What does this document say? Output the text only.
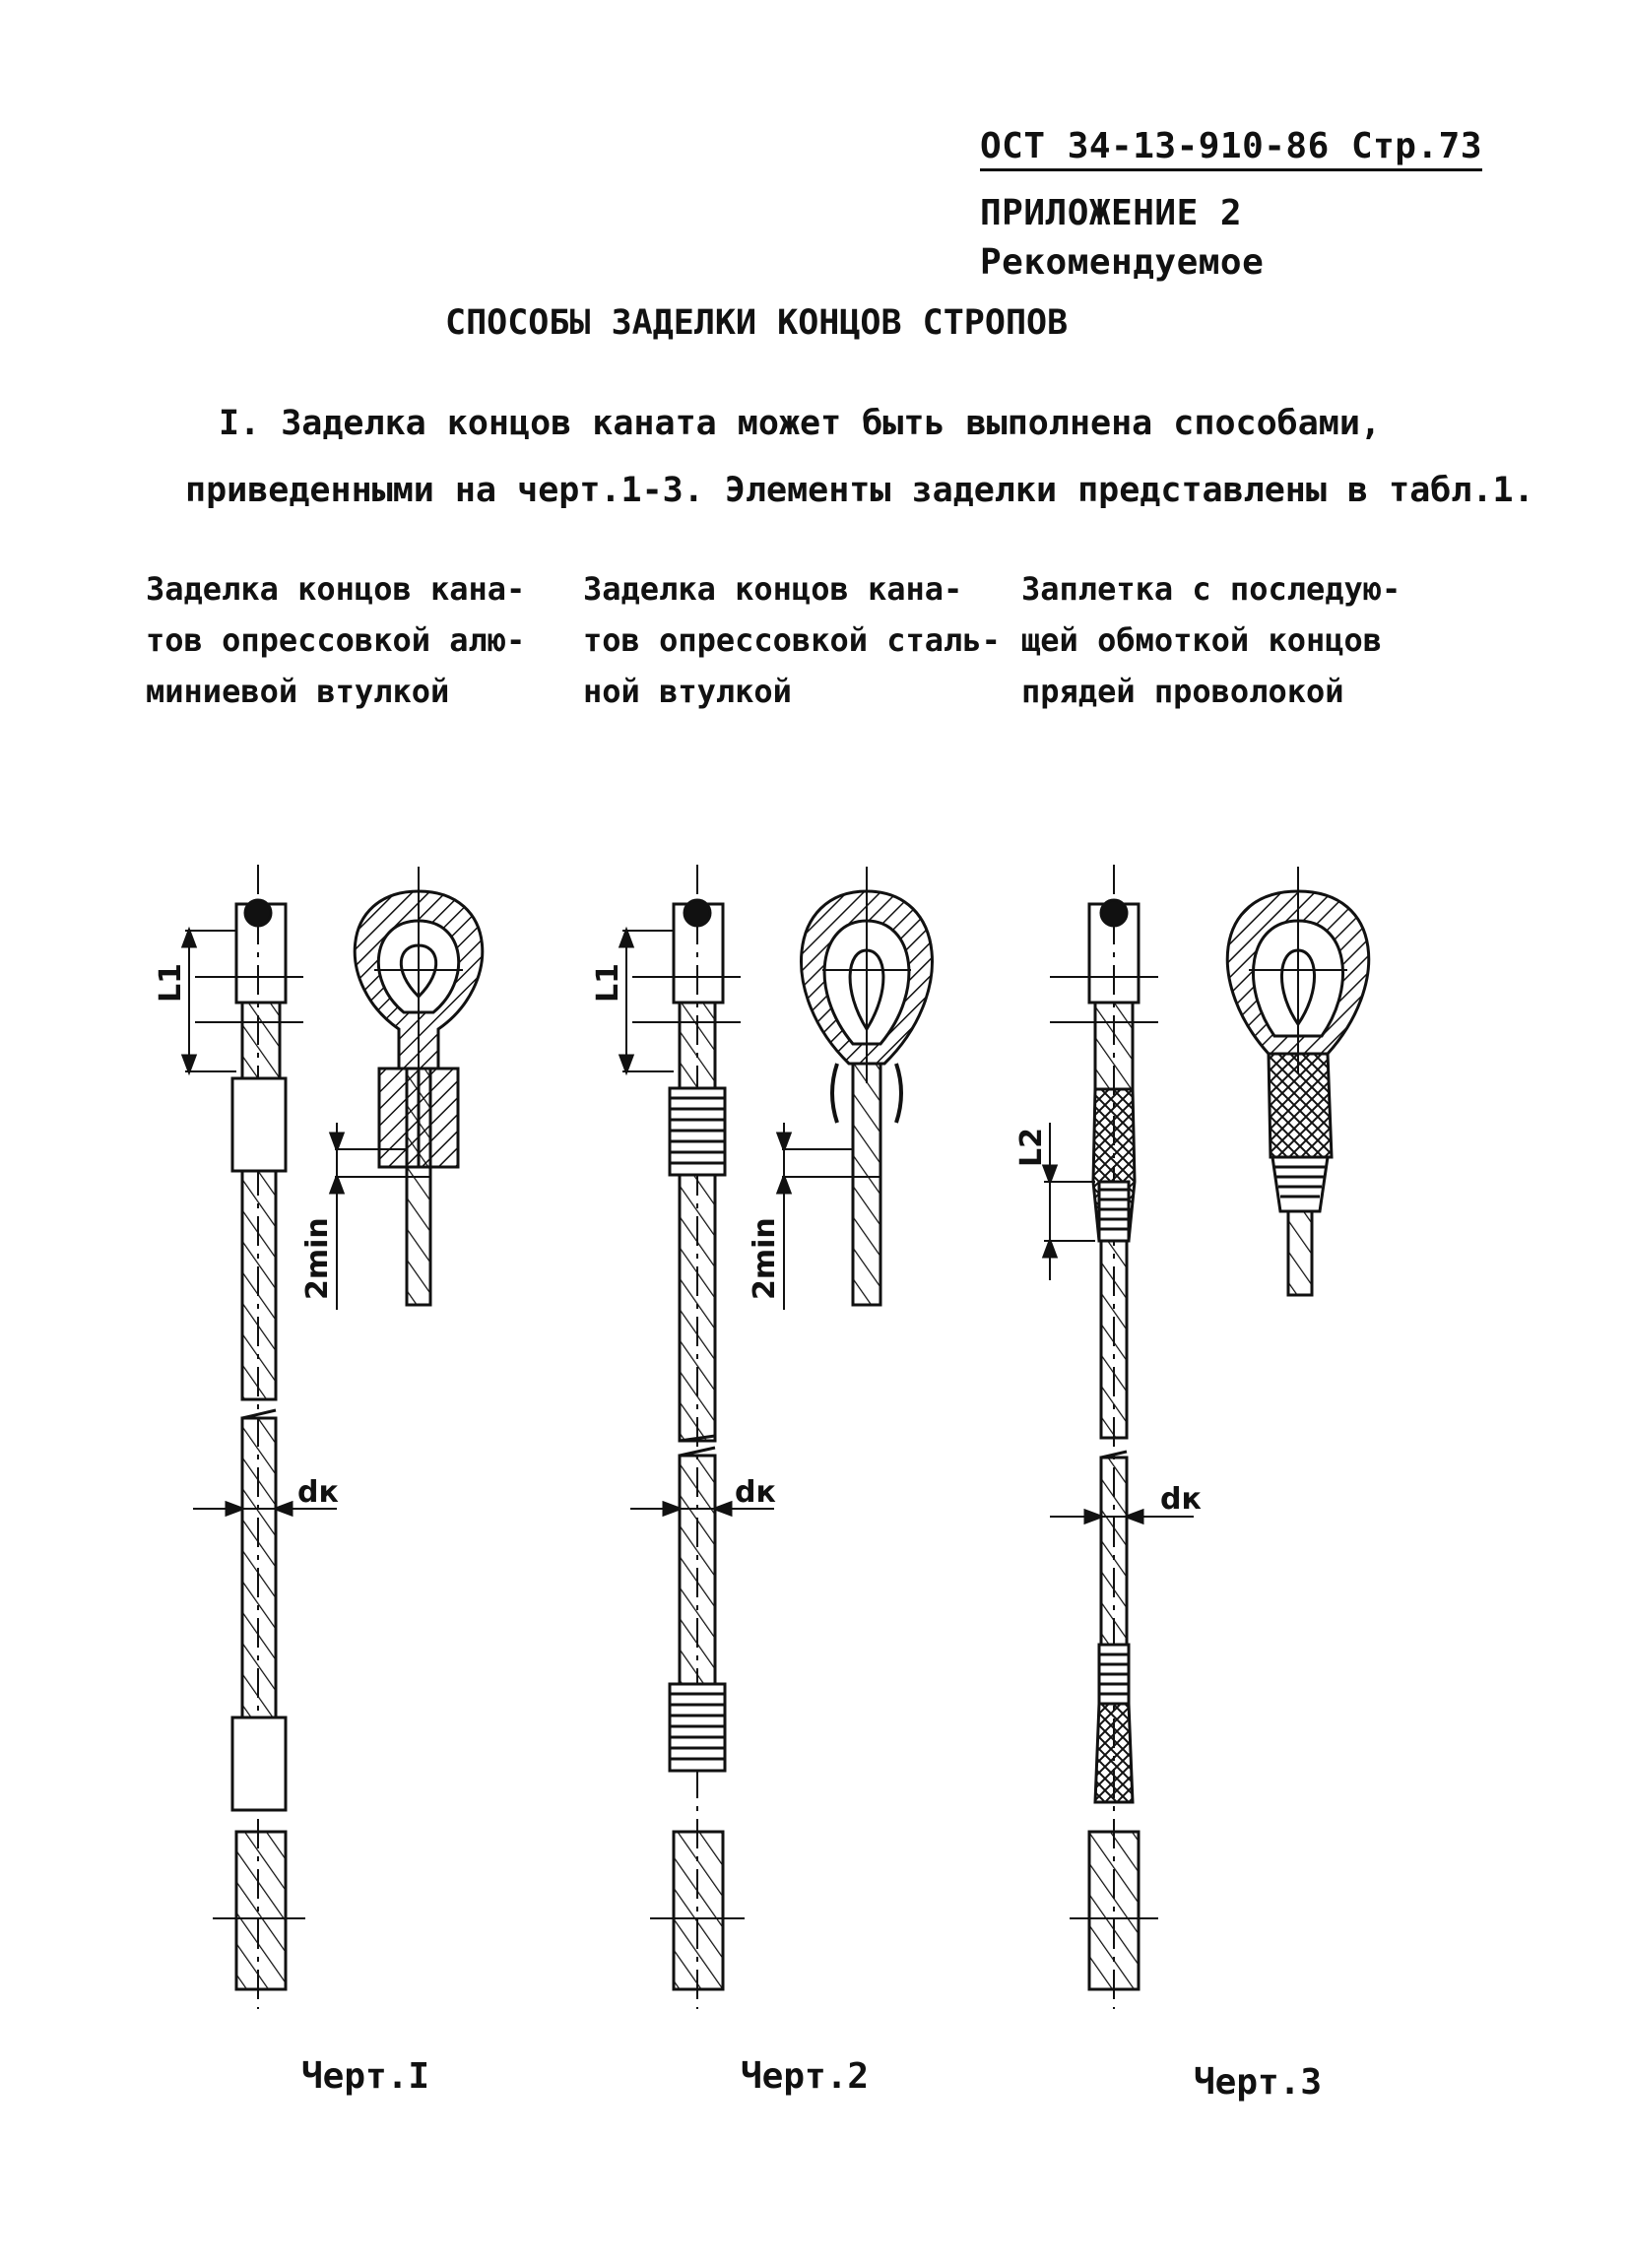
ОСТ 34-13-910-86 Стр.73
ПРИЛОЖЕНИЕ 2
Рекомендуемое
СПОСОБЫ ЗАДЕЛКИ КОНЦОВ СТРОПОВ
I. Заделка концов каната может быть выполнена способами,
приведенными на черт.1-3. Элементы заделки представлены в табл.1.
Заделка концов кана-
тов опрессовкой алю-
миниевой втулкой
Заделка концов кана-
тов опрессовкой сталь-
ной втулкой
Заплетка с последую-
щей обмоткой концов
прядей проволокой
L1
2min
dк
L1
2min
dк
L2
dк
Черт.I	Черт.2	Черт.3
